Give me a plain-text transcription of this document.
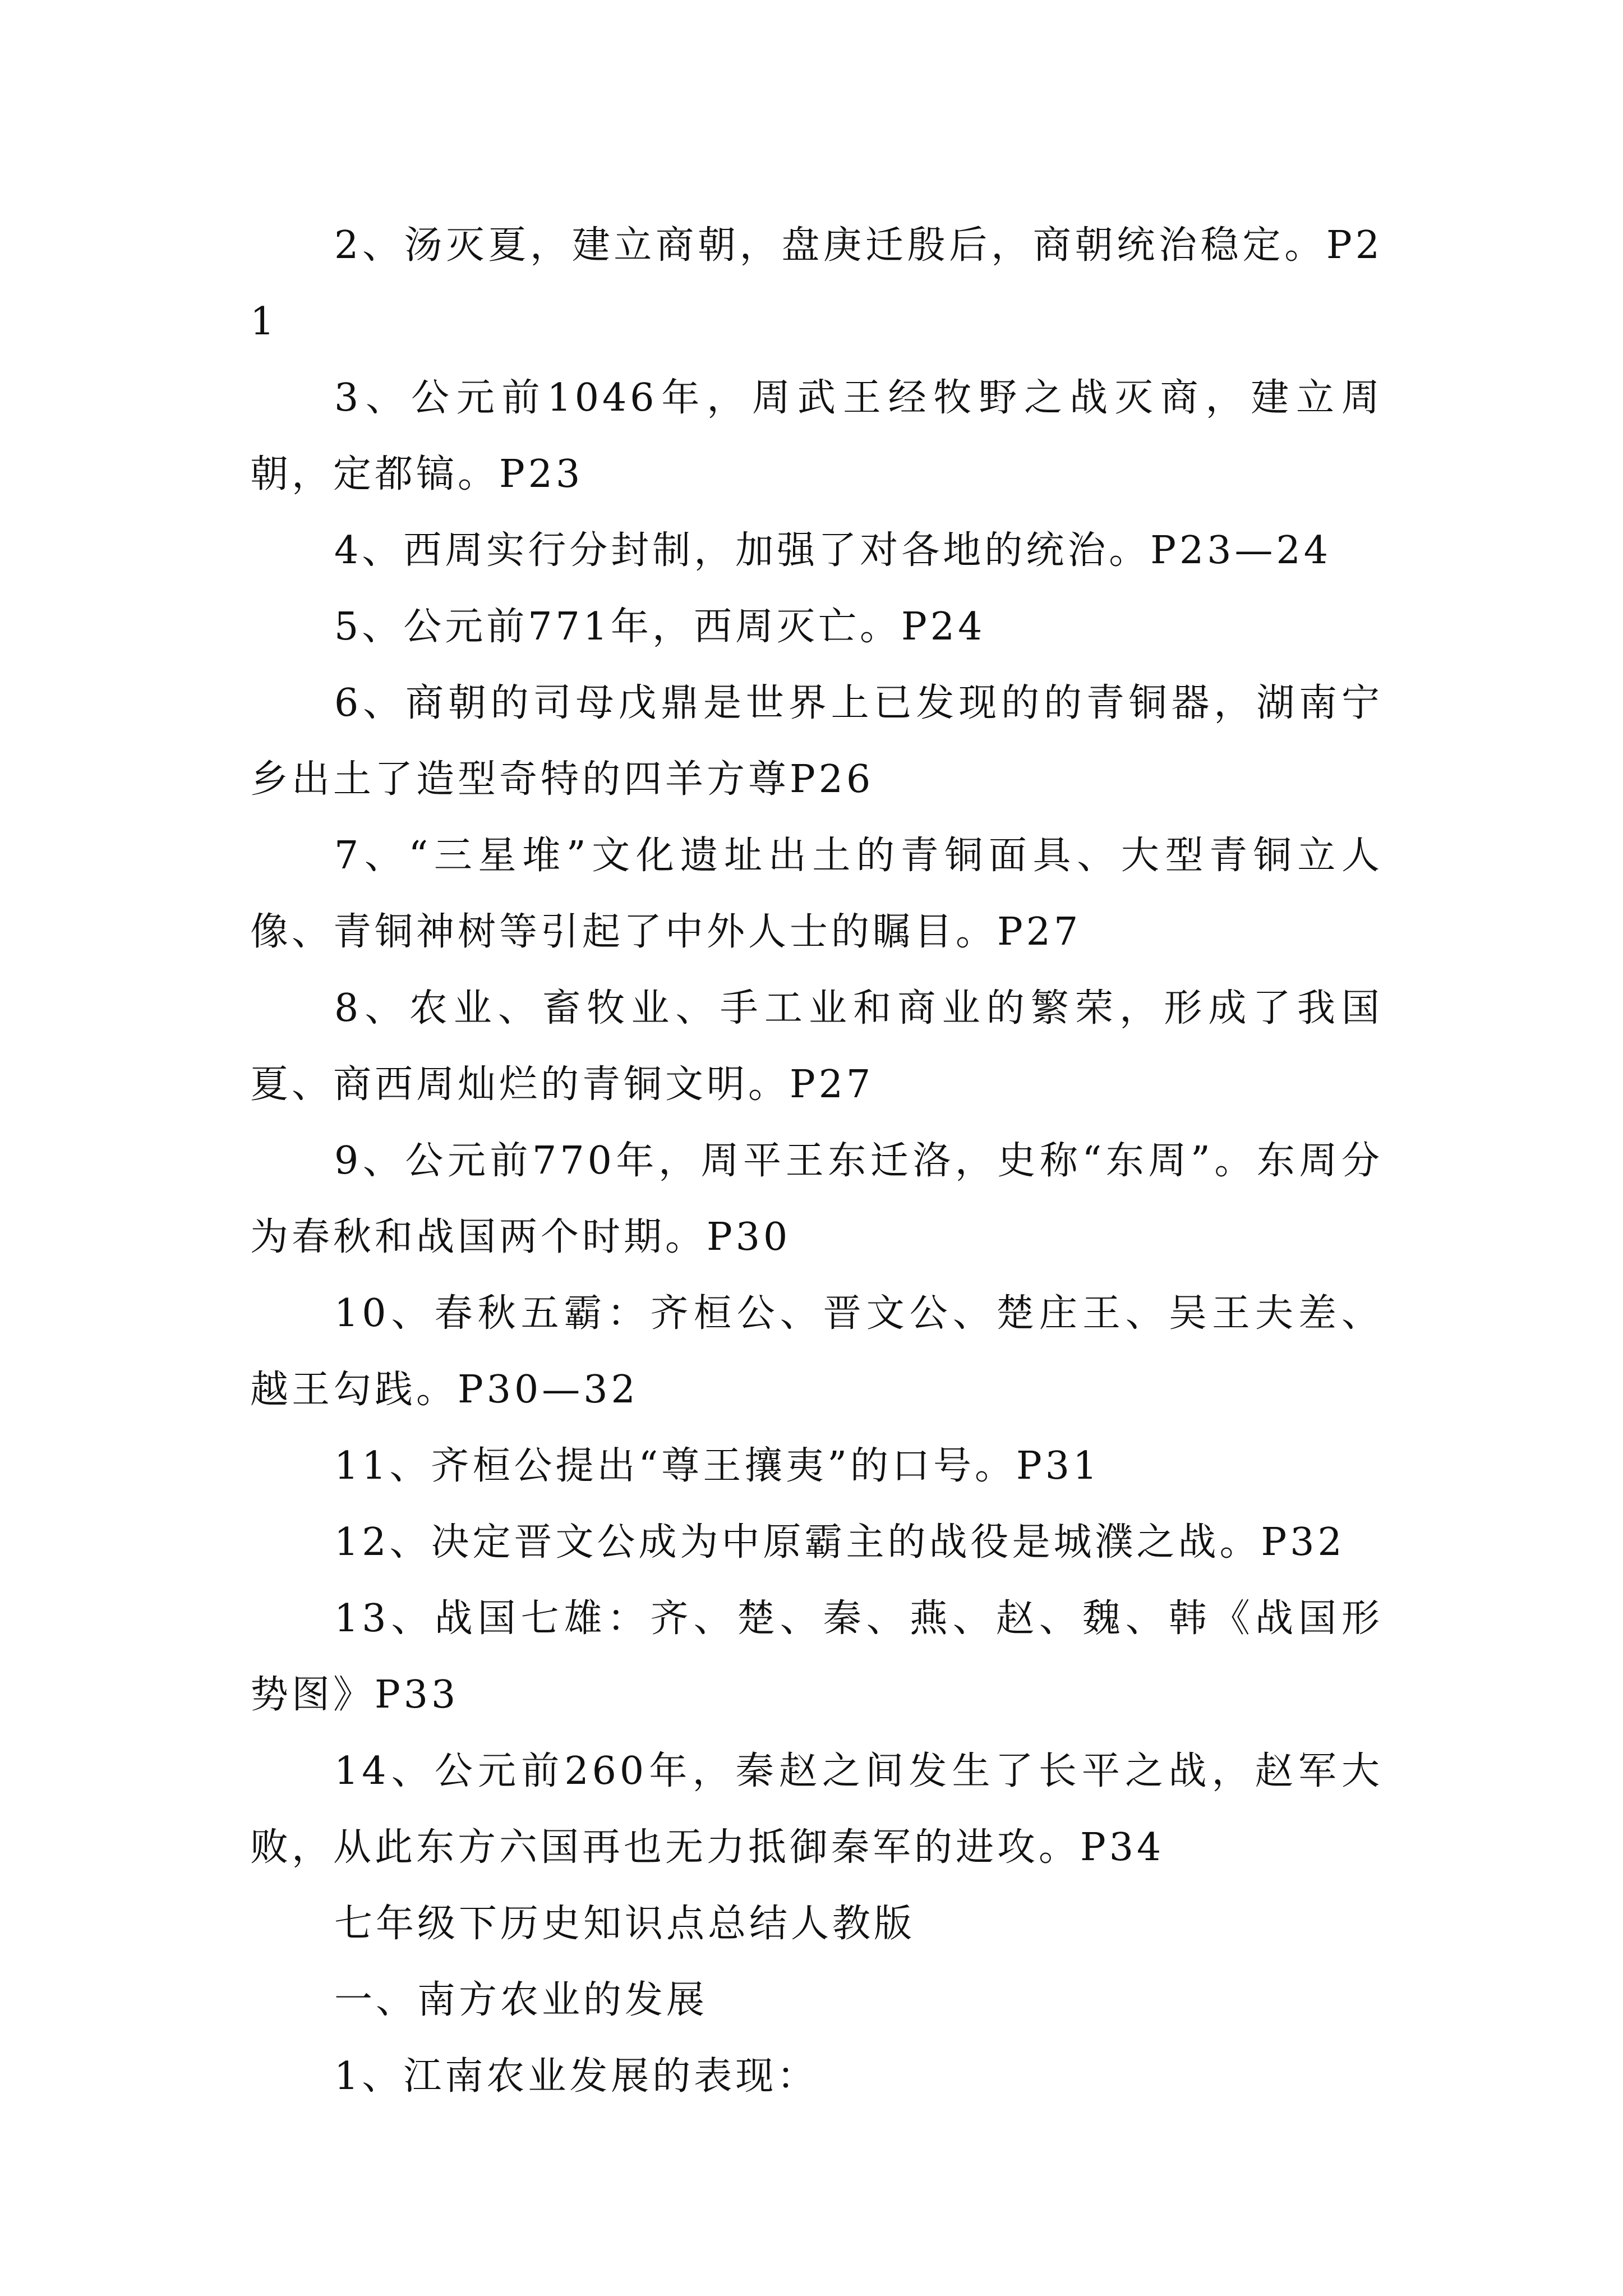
2、汤灭夏，建立商朝，盘庚迁殷后，商朝统治稳定。P21

3、公元前1046年，周武王经牧野之战灭商，建立周朝，定都镐。P23

4、西周实行分封制，加强了对各地的统治。P23—24

5、公元前771年，西周灭亡。P24

6、商朝的司母戊鼎是世界上已发现的的青铜器，湖南宁乡出土了造型奇特的四羊方尊P26

7、“三星堆”文化遗址出土的青铜面具、大型青铜立人像、青铜神树等引起了中外人士的瞩目。P27

8、农业、畜牧业、手工业和商业的繁荣，形成了我国夏、商西周灿烂的青铜文明。P27

9、公元前770年，周平王东迁洛，史称“东周”。东周分为春秋和战国两个时期。P30

10、春秋五霸：齐桓公、晋文公、楚庄王、吴王夫差、越王勾践。P30—32

11、齐桓公提出“尊王攘夷”的口号。P31

12、决定晋文公成为中原霸主的战役是城濮之战。P32

13、战国七雄：齐、楚、秦、燕、赵、魏、韩《战国形势图》P33

14、公元前260年，秦赵之间发生了长平之战，赵军大败，从此东方六国再也无力抵御秦军的进攻。P34

七年级下历史知识点总结人教版

一、南方农业的发展

1、江南农业发展的表现：
